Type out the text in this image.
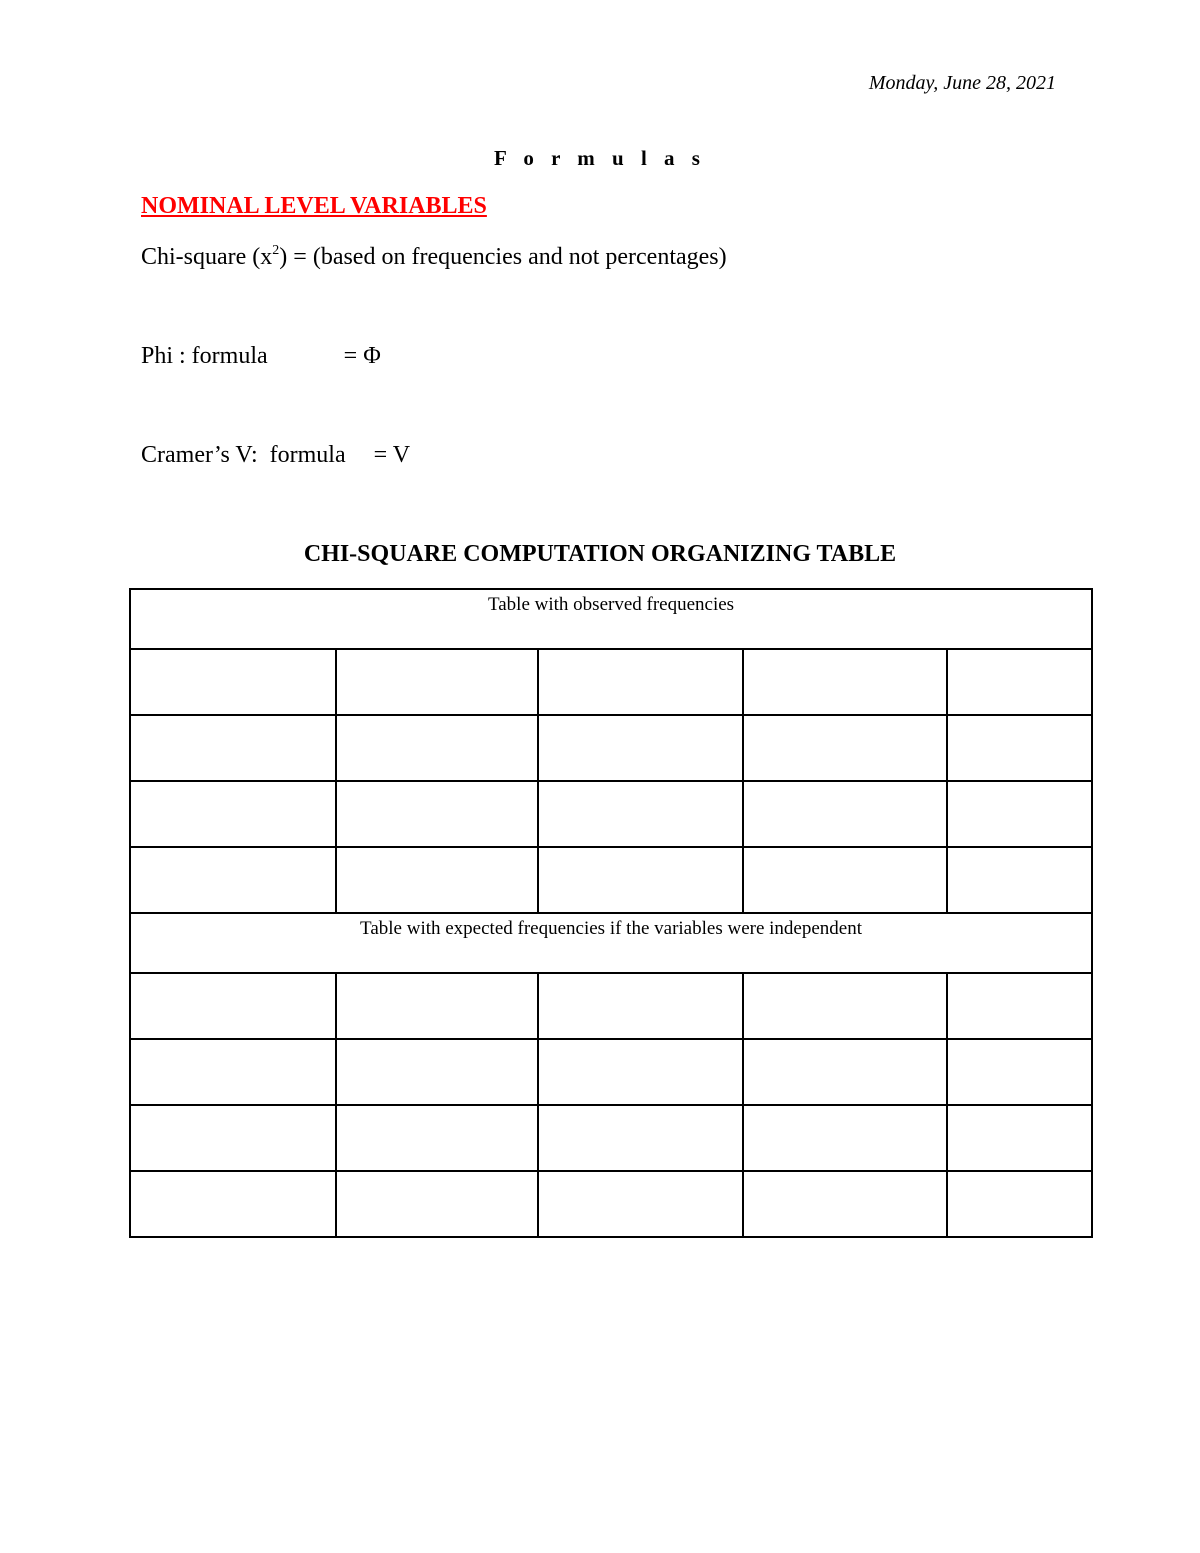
Monday, June 28, 2021
F o r m u l a s
NOMINAL LEVEL VARIABLES
Chi-square $(x^2)$ = (based on frequencies and not percentages)
Phi : formula	= Φ
Cramer’s V:  formula = V
CHI-SQUARE COMPUTATION ORGANIZING TABLE
Table with observed frequencies				

Table with expected frequencies if the variables were independent				
